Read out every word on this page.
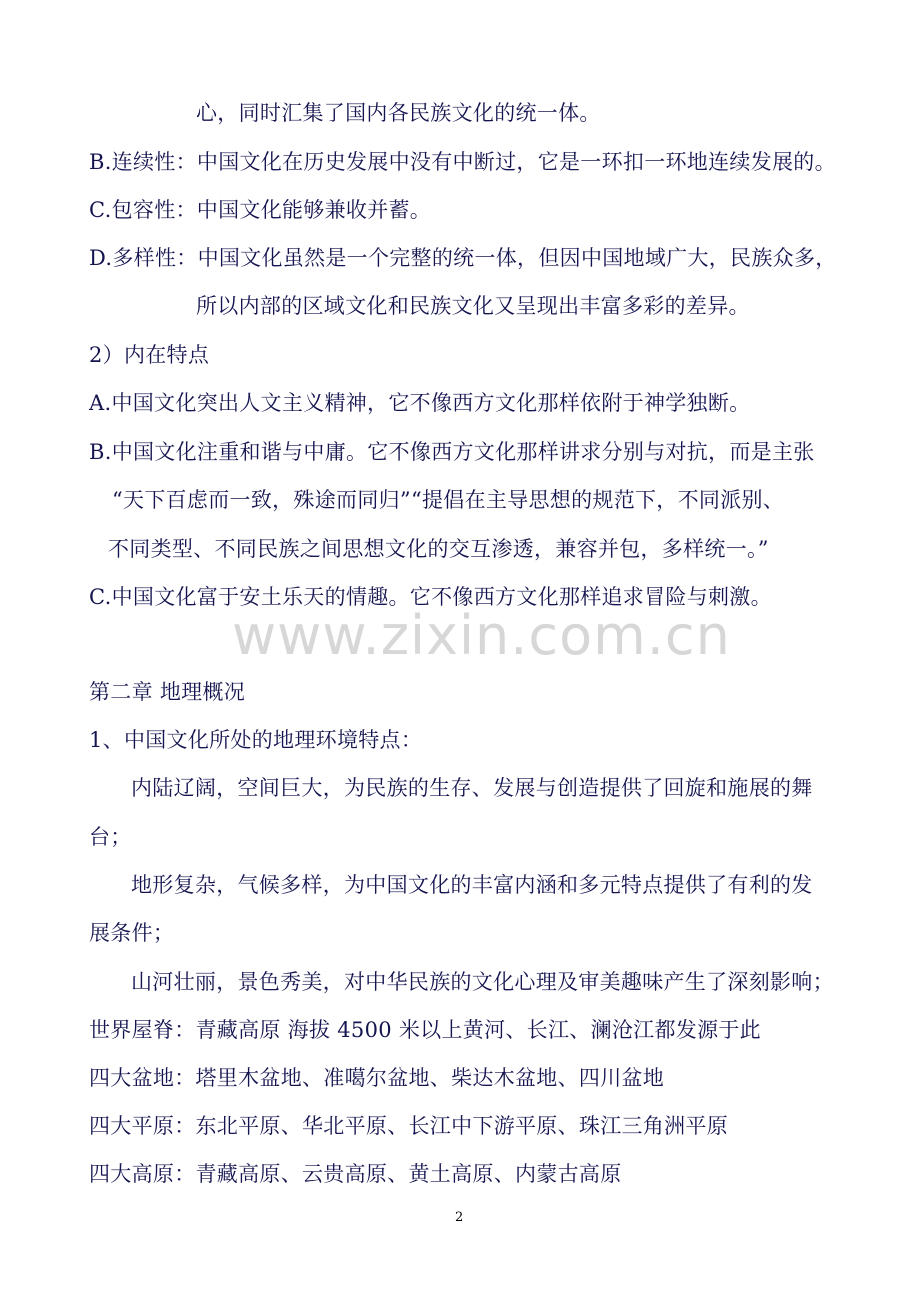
心，同时汇集了国内各民族文化的统一体。
B.连续性：中国文化在历史发展中没有中断过，它是一环扣一环地连续发展的。
C.包容性：中国文化能够兼收并蓄。
D.多样性：中国文化虽然是一个完整的统一体，但因中国地域广大，民族众多，
所以内部的区域文化和民族文化又呈现出丰富多彩的差异。
2）内在特点
A.中国文化突出人文主义精神，它不像西方文化那样依附于神学独断。
B.中国文化注重和谐与中庸。它不像西方文化那样讲求分别与对抗，而是主张
“天下百虑而一致，殊途而同归”“提倡在主导思想的规范下，不同派别、
不同类型、不同民族之间思想文化的交互渗透，兼容并包，多样统一。”
C.中国文化富于安土乐天的情趣。它不像西方文化那样追求冒险与刺激。
第二章 地理概况
1、中国文化所处的地理环境特点：
内陆辽阔，空间巨大，为民族的生存、发展与创造提供了回旋和施展的舞
台；
地形复杂，气候多样，为中国文化的丰富内涵和多元特点提供了有利的发
展条件；
山河壮丽，景色秀美，对中华民族的文化心理及审美趣味产生了深刻影响；
世界屋脊：青藏高原 海拔 4500 米以上黄河、长江、澜沧江都发源于此
四大盆地：塔里木盆地、准噶尔盆地、柴达木盆地、四川盆地
四大平原：东北平原、华北平原、长江中下游平原、珠江三角洲平原
四大高原：青藏高原、云贵高原、黄土高原、内蒙古高原
www.zixin.com.cn
2
